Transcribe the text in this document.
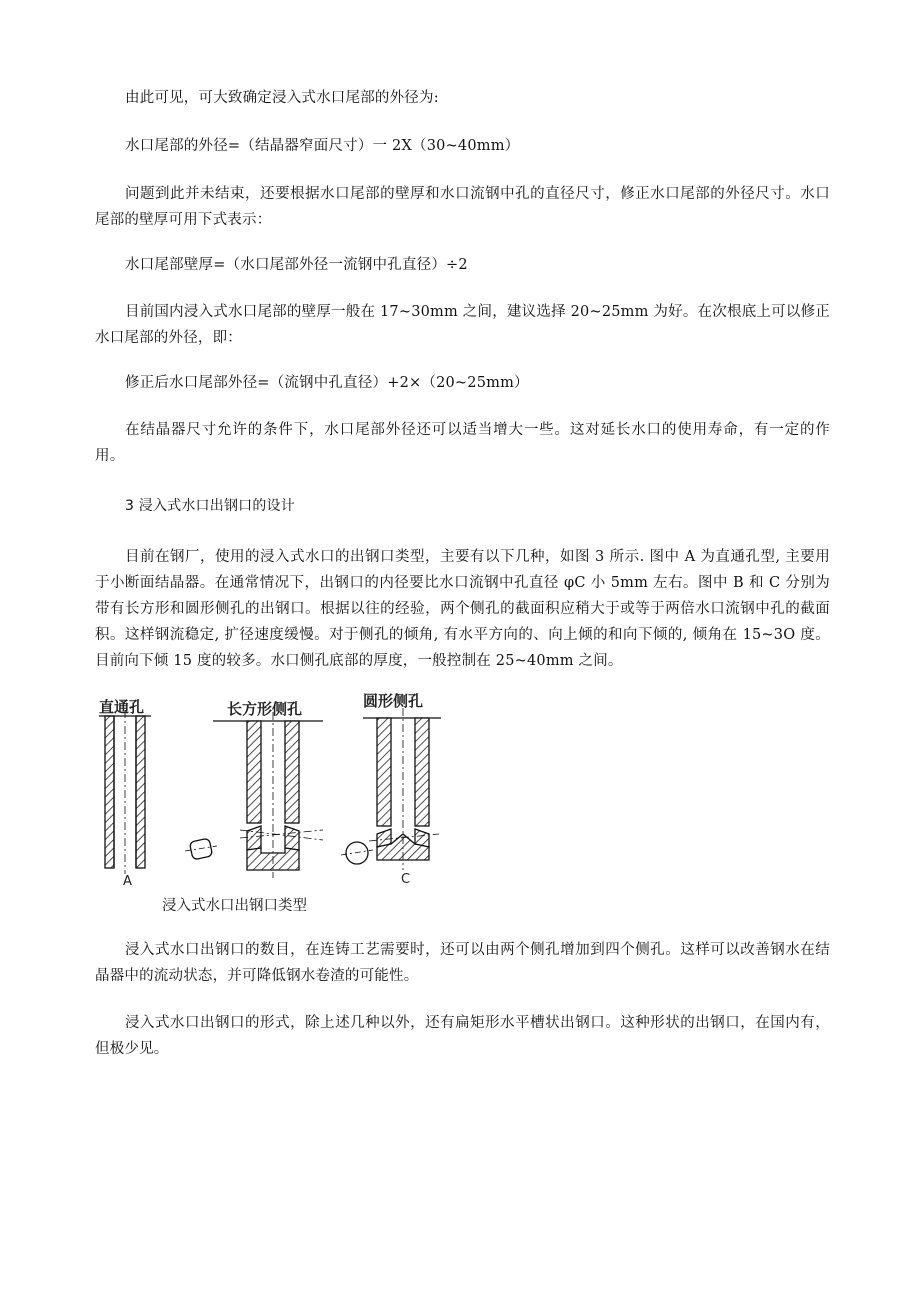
由此可见，可大致确定浸入式水口尾部的外径为:

水口尾部的外径=（结晶器窄面尺寸）一 2X（30~40mm）

问题到此并未结束，还要根据水口尾部的壁厚和水口流钢中孔的直径尺寸，修正水口尾部的外径尺寸。水口尾部的壁厚可用下式表示：

水口尾部壁厚=（水口尾部外径一流钢中孔直径）÷2

目前国内浸入式水口尾部的壁厚一般在 17~30mm 之间，建议选择 20~25mm 为好。在次根底上可以修正水口尾部的外径，即：

修正后水口尾部外径=（流钢中孔直径）+2×（20~25mm）

在结晶器尺寸允许的条件下，水口尾部外径还可以适当增大一些。这对延长水口的使用寿命，有一定的作用。

3 浸入式水口出钢口的设计

目前在钢厂，使用的浸入式水口的出钢口类型，主要有以下几种，如图 3 所示. 图中 A 为直通孔型, 主要用于小断面结晶器。在通常情况下，出钢口的内径要比水口流钢中孔直径 φC 小 5mm 左右。图中 B 和 C 分别为带有长方形和圆形侧孔的出钢口。根据以往的经验，两个侧孔的截面积应稍大于或等于两倍水口流钢中孔的截面积。这样钢流稳定, 扩径速度缓慢。对于侧孔的倾角, 有水平方向的、向上倾的和向下倾的, 倾角在 15~3O 度。目前向下倾 15 度的较多。水口侧孔底部的厚度，一般控制在 25~40mm 之间。

直通孔	长方形侧孔	圆形侧孔
A	C
浸入式水口出钢口类型

浸入式水口出钢口的数目，在连铸工艺需要时，还可以由两个侧孔增加到四个侧孔。这样可以改善钢水在结晶器中的流动状态，并可降低钢水卷渣的可能性。

浸入式水口出钢口的形式，除上述几种以外，还有扁矩形水平槽状出钢口。这种形状的出钢口，在国内有，但极少见。
